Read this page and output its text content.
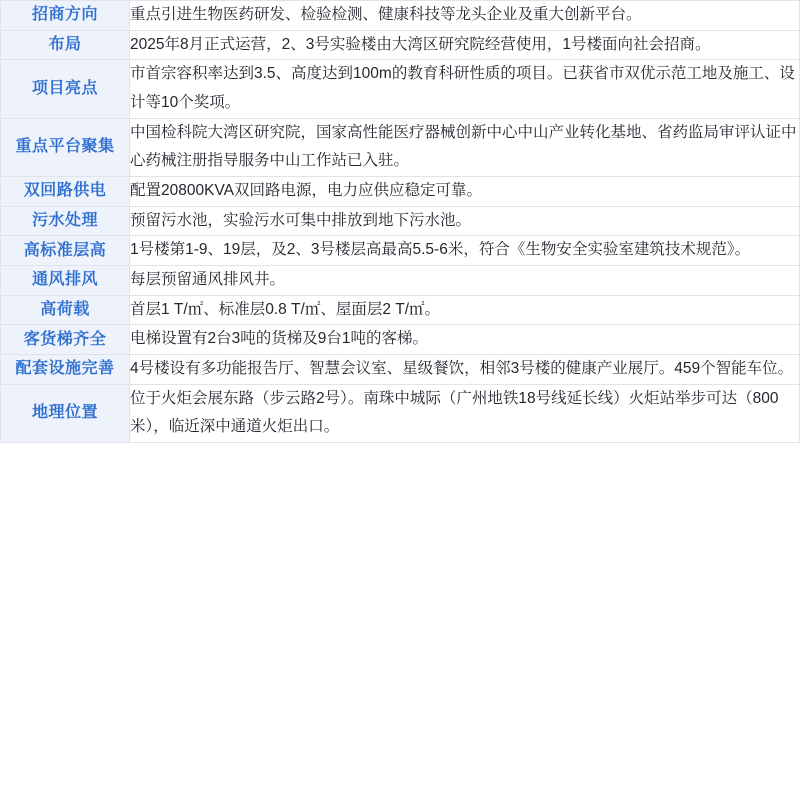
招商方向	重点引进生物医药研发、检验检测、健康科技等龙头企业及重大创新平台。
布局	2025年8月正式运营，2、3号实验楼由大湾区研究院经营使用，1号楼面向社会招商。
项目亮点	市首宗容积率达到3.5、高度达到100m的教育科研性质的项目。已获省市双优示范工地及施工、设计等10个奖项。
重点平台聚集	中国检科院大湾区研究院，国家高性能医疗器械创新中心中山产业转化基地、省药监局审评认证中心药械注册指导服务中山工作站已入驻。
双回路供电	配置20800KVA双回路电源，电力应供应稳定可靠。
污水处理	预留污水池，实验污水可集中排放到地下污水池。
高标准层高	1号楼第1-9、19层，及2、3号楼层高最高5.5-6米，符合《生物安全实验室建筑技术规范》。
通风排风	每层预留通风排风井。
高荷载	首层1 T/㎡、标准层0.8 T/㎡、屋面层2 T/㎡。
客货梯齐全	电梯设置有2台3吨的货梯及9台1吨的客梯。
配套设施完善	4号楼设有多功能报告厅、智慧会议室、星级餐饮，相邻3号楼的健康产业展厅。459个智能车位。
地理位置	位于火炬会展东路（步云路2号）。南珠中城际（广州地铁18号线延长线）火炬站举步可达（800米），临近深中通道火炬出口。
